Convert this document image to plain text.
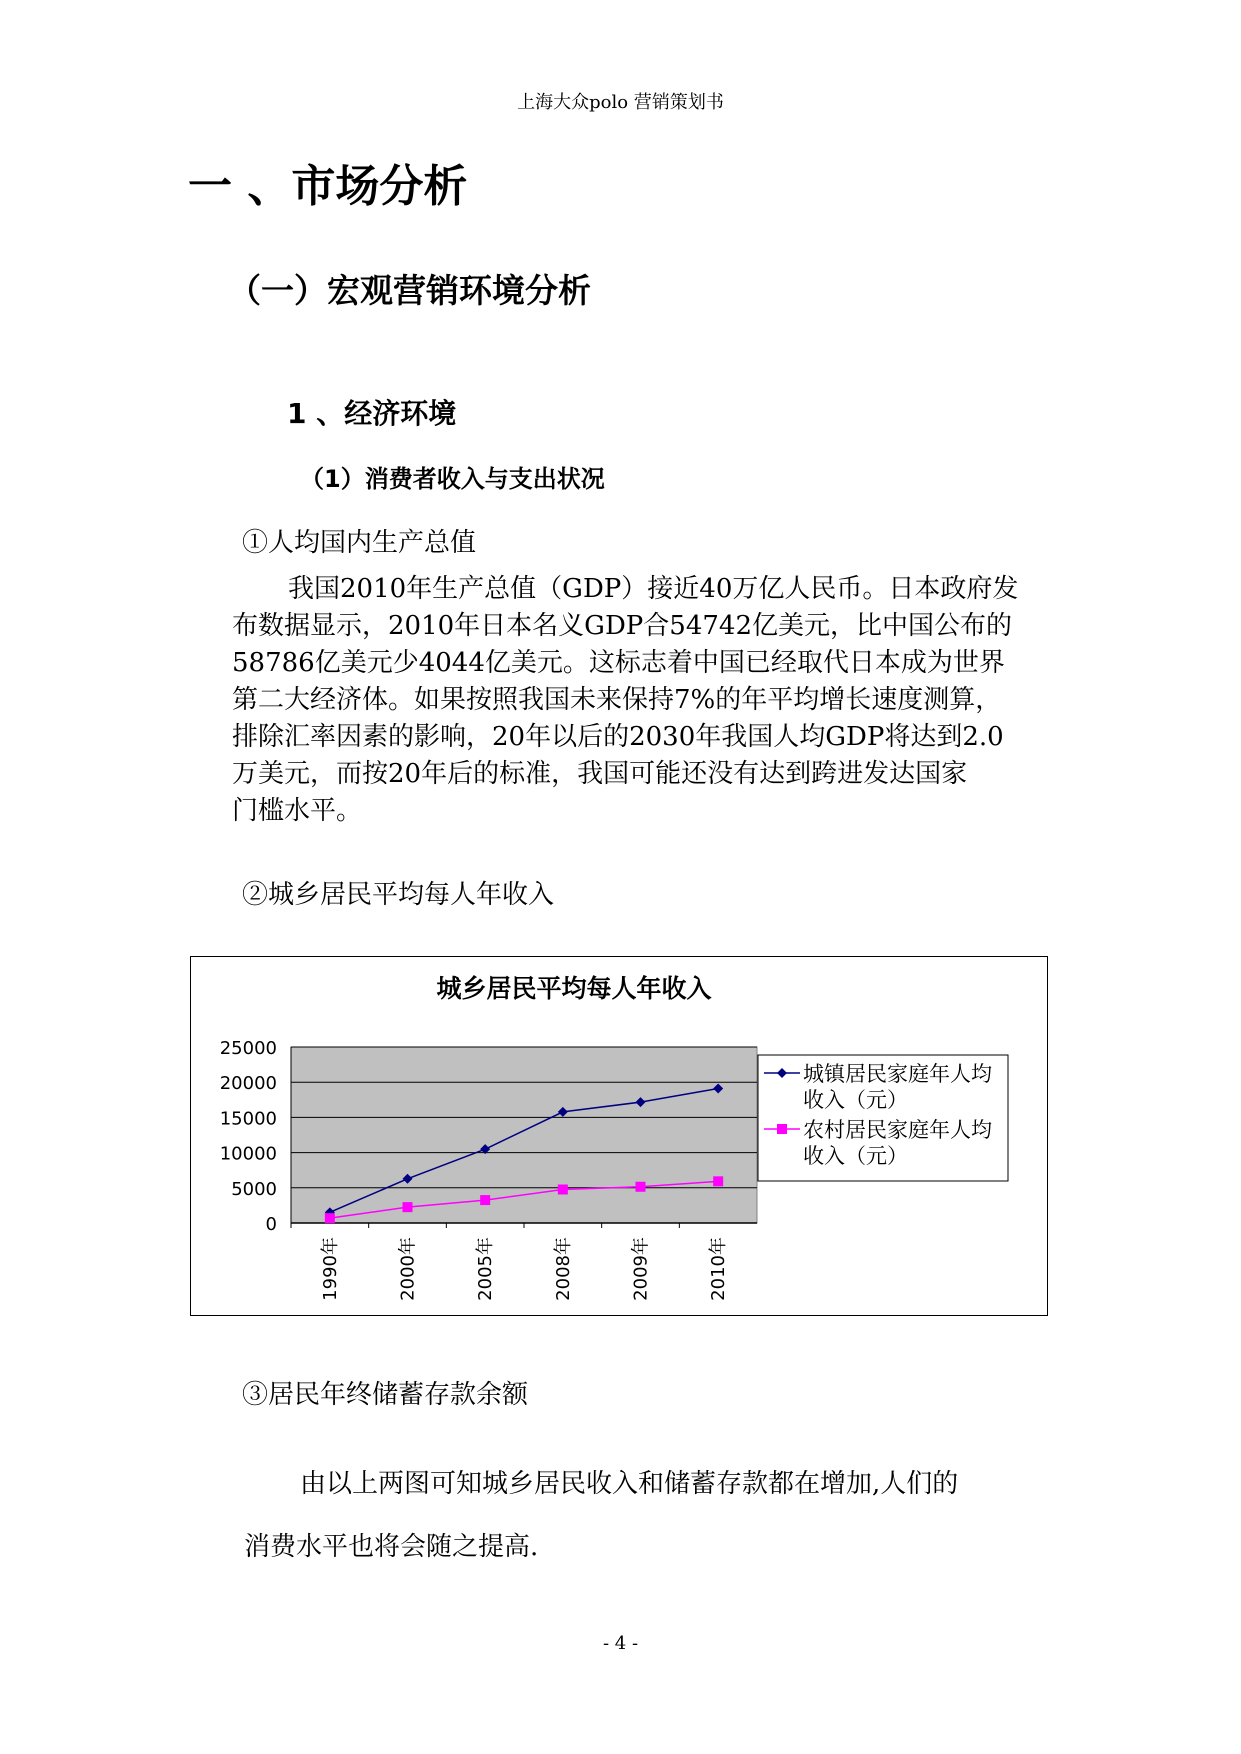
上海大众polo 营销策划书
一 、市场分析
（一）宏观营销环境分析
1 、经济环境
（1）消费者收入与支出状况
①人均国内生产总值
我国2010年生产总值（GDP）接近40万亿人民币。日本政府发
布数据显示，2010年日本名义GDP合54742亿美元，比中国公布的
58786亿美元少4044亿美元。这标志着中国已经取代日本成为世界
第二大经济体。如果按照我国未来保持7%的年平均增长速度测算，
排除汇率因素的影响，20年以后的2030年我国人均GDP将达到2.0
万美元，而按20年后的标准，我国可能还没有达到跨进发达国家
门槛水平。
②城乡居民平均每人年收入
城乡居民平均每人年收入
25000
20000
15000
10000
5000
0
1990年	2000年	2005年	2008年	2009年	2010年
城镇居民家庭年人均
收入（元）
农村居民家庭年人均
收入（元）
③居民年终储蓄存款余额
由以上两图可知城乡居民收入和储蓄存款都在增加,人们的
消费水平也将会随之提高.
- 4 -
